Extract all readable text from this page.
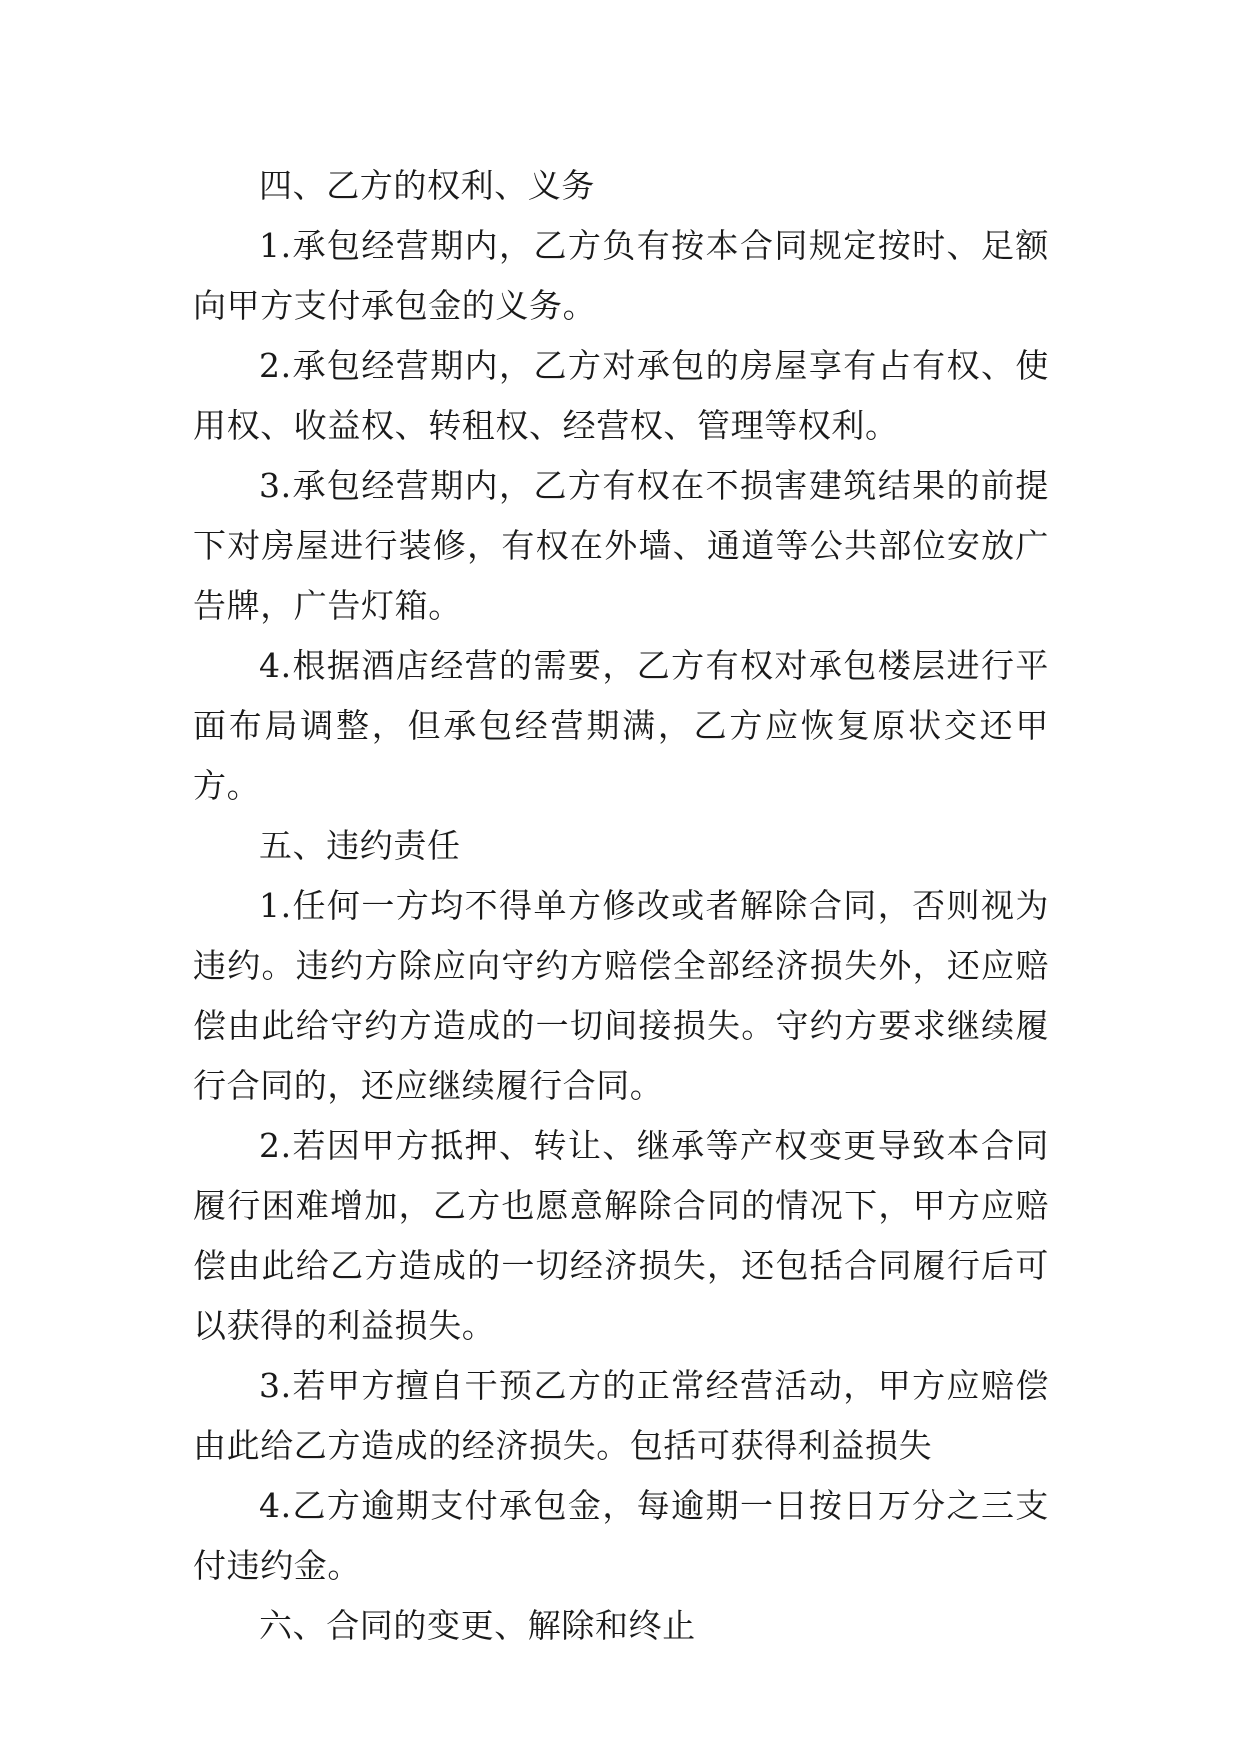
四、乙方的权利、义务

1.承包经营期内，乙方负有按本合同规定按时、足额向甲方支付承包金的义务。

2.承包经营期内，乙方对承包的房屋享有占有权、使用权、收益权、转租权、经营权、管理等权利。

3.承包经营期内，乙方有权在不损害建筑结果的前提下对房屋进行装修，有权在外墙、通道等公共部位安放广告牌，广告灯箱。

4.根据酒店经营的需要，乙方有权对承包楼层进行平面布局调整，但承包经营期满，乙方应恢复原状交还甲方。

五、违约责任

1.任何一方均不得单方修改或者解除合同，否则视为违约。违约方除应向守约方赔偿全部经济损失外，还应赔偿由此给守约方造成的一切间接损失。守约方要求继续履行合同的，还应继续履行合同。

2.若因甲方抵押、转让、继承等产权变更导致本合同履行困难增加，乙方也愿意解除合同的情况下，甲方应赔偿由此给乙方造成的一切经济损失，还包括合同履行后可以获得的利益损失。

3.若甲方擅自干预乙方的正常经营活动，甲方应赔偿由此给乙方造成的经济损失。包括可获得利益损失

4.乙方逾期支付承包金，每逾期一日按日万分之三支付违约金。

六、合同的变更、解除和终止
